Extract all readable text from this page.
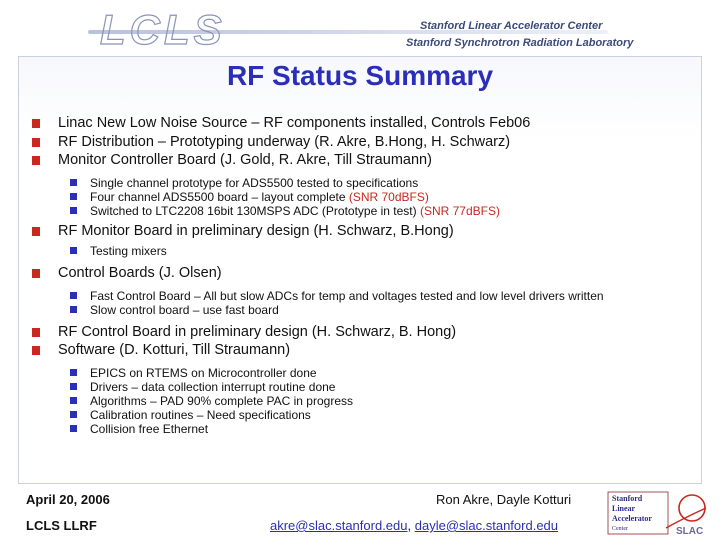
LCLS	Stanford Linear Accelerator Center
Stanford Synchrotron Radiation Laboratory
RF Status Summary
Linac New Low Noise Source – RF components installed, Controls Feb06
RF Distribution – Prototyping underway (R. Akre, B.Hong, H. Schwarz)
Monitor Controller Board (J. Gold, R. Akre, Till Straumann)
Single channel prototype for ADS5500 tested to specifications
Four channel ADS5500 board – layout complete (SNR 70dBFS)
Switched to LTC2208 16bit 130MSPS ADC (Prototype in test) (SNR 77dBFS)
RF Monitor Board in preliminary design (H. Schwarz, B.Hong)
Testing mixers
Control Boards (J. Olsen)
Fast Control Board – All but slow ADCs for temp and voltages tested and low level drivers written
Slow control board – use fast board
RF Control Board in preliminary design (H. Schwarz, B. Hong)
Software (D. Kotturi, Till Straumann)
EPICS on RTEMS on Microcontroller done
Drivers – data collection interrupt routine done
Algorithms – PAD 90% complete PAC in progress
Calibration routines – Need specifications
Collision free Ethernet
April 20, 2006	Ron Akre, Dayle Kotturi
LCLS LLRF	akre@slac.stanford.edu, dayle@slac.stanford.edu
Stanford
Linear
Accelerator
Center	SLAC
